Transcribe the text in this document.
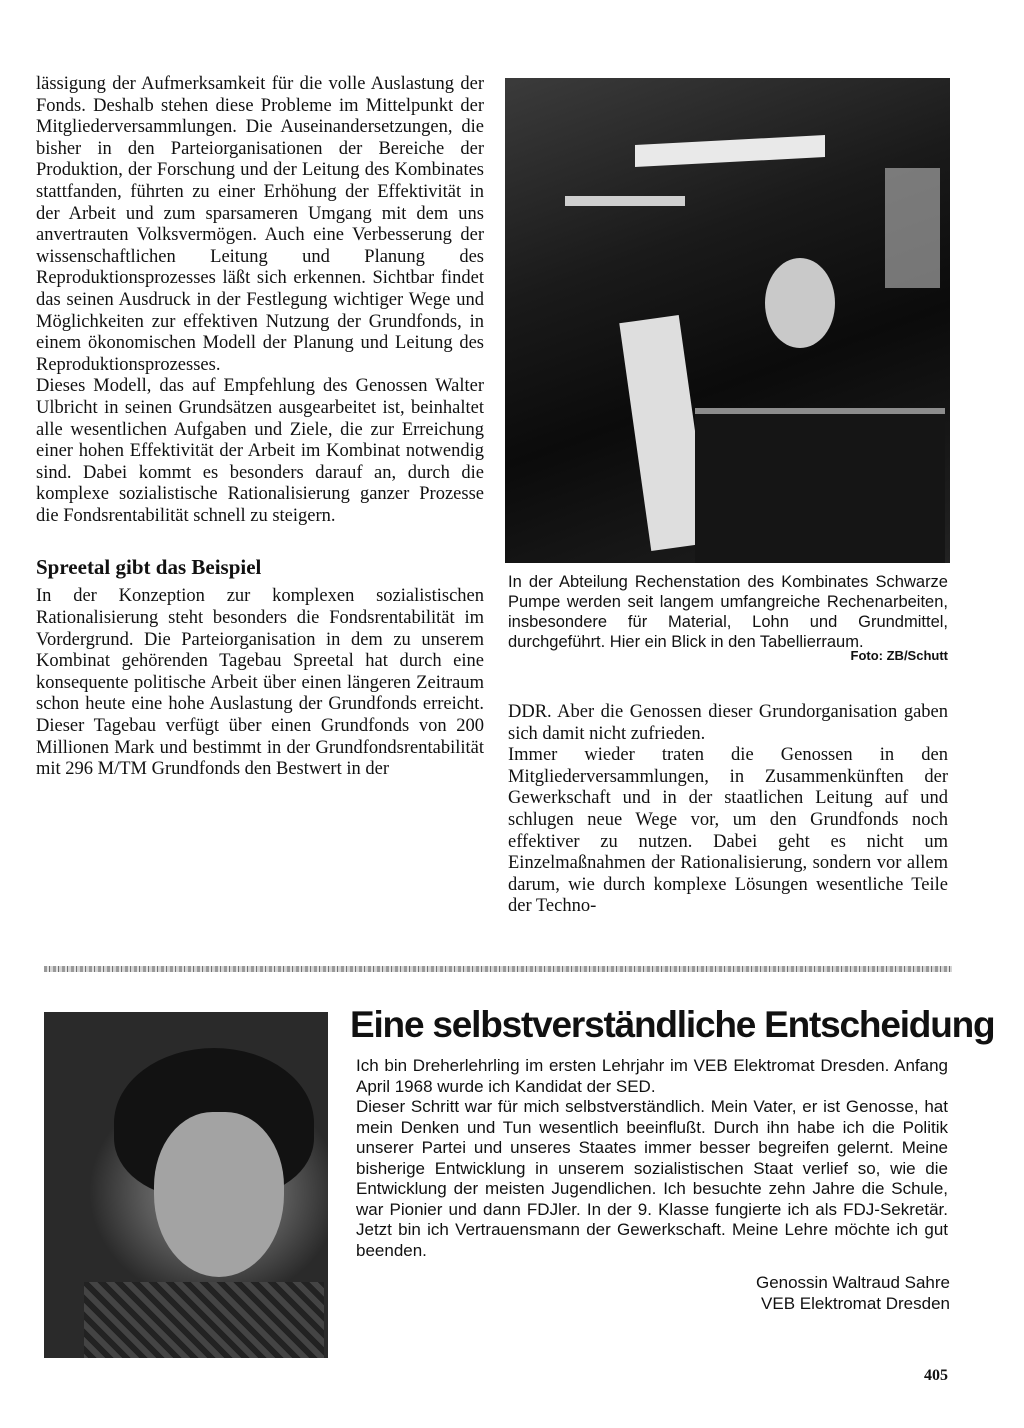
lässigung der Aufmerksamkeit für die volle Auslastung der Fonds. Deshalb stehen diese Probleme im Mittelpunkt der Mitgliederversammlungen. Die Auseinandersetzungen, die bisher in den Parteiorganisationen der Bereiche der Produktion, der Forschung und der Leitung des Kombinates stattfanden, führten zu einer Erhöhung der Effektivität in der Arbeit und zum sparsameren Umgang mit dem uns anvertrauten Volksvermögen. Auch eine Verbesserung der wissenschaftlichen Leitung und Planung des Reproduktionsprozesses läßt sich erkennen. Sichtbar findet das seinen Ausdruck in der Festlegung wichtiger Wege und Möglichkeiten zur effektiven Nutzung der Grundfonds, in einem ökonomischen Modell der Planung und Leitung des Reproduktionsprozesses.

Dieses Modell, das auf Empfehlung des Genossen Walter Ulbricht in seinen Grundsätzen ausgearbeitet ist, beinhaltet alle wesentlichen Aufgaben und Ziele, die zur Erreichung einer hohen Effektivität der Arbeit im Kombinat notwendig sind. Dabei kommt es besonders darauf an, durch die komplexe sozialistische Rationalisierung ganzer Prozesse die Fondsrentabilität schnell zu steigern.

Spreetal gibt das Beispiel

In der Konzeption zur komplexen sozialistischen Rationalisierung steht besonders die Fondsrentabilität im Vordergrund. Die Parteiorganisation in dem zu unserem Kombinat gehörenden Tagebau Spreetal hat durch eine konsequente politische Arbeit über einen längeren Zeitraum schon heute eine hohe Auslastung der Grundfonds erreicht. Dieser Tagebau verfügt über einen Grundfonds von 200 Millionen Mark und bestimmt in der Grundfondsrentabilität mit 296 M/TM Grundfonds den Bestwert in der

In der Abteilung Rechenstation des Kombinates Schwarze Pumpe werden seit langem umfangreiche Rechenarbeiten, insbesondere für Material, Lohn und Grundmittel, durchgeführt. Hier ein Blick in den Tabellierraum.
Foto: ZB/Schutt

DDR. Aber die Genossen dieser Grundorganisation gaben sich damit nicht zufrieden.

Immer wieder traten die Genossen in den Mitgliederversammlungen, in Zusammenkünften der Gewerkschaft und in der staatlichen Leitung auf und schlugen neue Wege vor, um den Grundfonds noch effektiver zu nutzen. Dabei geht es nicht um Einzelmaßnahmen der Rationalisierung, sondern vor allem darum, wie durch komplexe Lösungen wesentliche Teile der Techno-

Eine selbstverständliche Entscheidung

Ich bin Dreherlehrling im ersten Lehrjahr im VEB Elektromat Dresden. Anfang April 1968 wurde ich Kandidat der SED.

Dieser Schritt war für mich selbstverständlich. Mein Vater, er ist Genosse, hat mein Denken und Tun wesentlich beeinflußt. Durch ihn habe ich die Politik unserer Partei und unseres Staates immer besser begreifen gelernt. Meine bisherige Entwicklung in unserem sozialistischen Staat verlief so, wie die Entwicklung der meisten Jugendlichen. Ich besuchte zehn Jahre die Schule, war Pionier und dann FDJler. In der 9. Klasse fungierte ich als FDJ-Sekretär. Jetzt bin ich Vertrauensmann der Gewerkschaft. Meine Lehre möchte ich gut beenden.

Genossin Waltraud Sahre
VEB Elektromat Dresden
405
